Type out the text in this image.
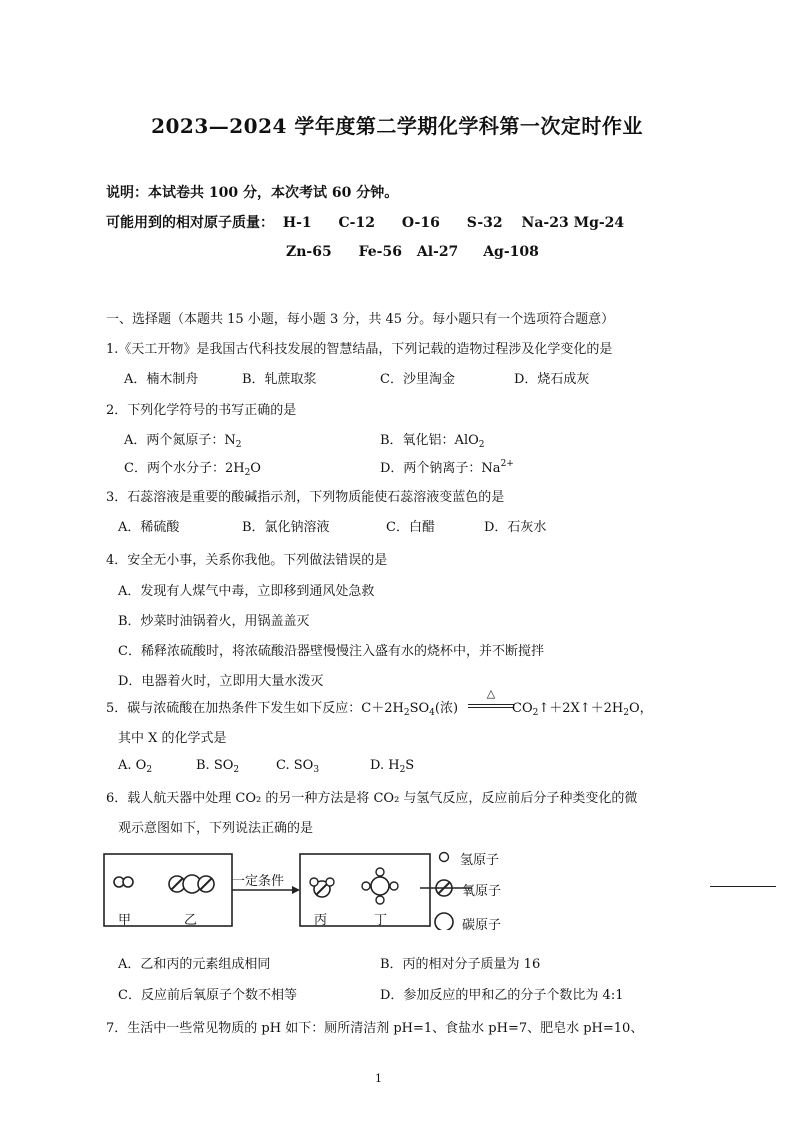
2023—2024 学年度第二学期化学科第一次定时作业
说明：本试卷共 100 分，本次考试 60 分钟。
可能用到的相对原子质量： H-1 C-12 O-16 S-32 Na-23 Mg-24
Zn-65 Fe-56 Al-27 Ag-108
一、选择题（本题共 15 小题，每小题 3 分，共 45 分。每小题只有一个选项符合题意）
1.《天工开物》是我国古代科技发展的智慧结晶，下列记载的造物过程涉及化学变化的是
A．楠木制舟	B．轧蔗取浆	C．沙里淘金	D．烧石成灰
2．下列化学符号的书写正确的是
A．两个氮原子：$N_2$	B．氧化铝：AlO$_2$
C．两个水分子：$2H_2O$	D．两个钠离子：$Na^{2+}$
3．石蕊溶液是重要的酸碱指示剂，下列物质能使石蕊溶液变蓝色的是
A．稀硫酸	B．氯化钠溶液	C．白醋	D．石灰水
4．安全无小事，关系你我他。下列做法错误的是
A．发现有人煤气中毒，立即移到通风处急救
B．炒菜时油锅着火，用锅盖盖灭
C．稀释浓硫酸时，将浓硫酸沿器壁慢慢注入盛有水的烧杯中，并不断搅拌
D．电器着火时，立即用大量水泼灭
5．碳与浓硫酸在加热条件下发生如下反应：$C+2H_2SO_4$(浓)
△
$CO_2↑+2X↑+2H_2O$，
其中 X 的化学式是
A. $O_2$	B. $SO_2$	C. $SO_3$	D. $H_2S$
6．载人航天器中处理 CO₂ 的另一种方法是将 CO₂ 与氢气反应，反应前后分子种类变化的微
观示意图如下，下列说法正确的是
一定条件
甲	乙	丙	丁
氢原子
氧原子
碳原子
A．乙和丙的元素组成相同	B．丙的相对分子质量为 16
C．反应前后氧原子个数不相等	D．参加反应的甲和乙的分子个数比为 4:1
7．生活中一些常见物质的 pH 如下：厕所清洁剂 pH=1、食盐水 pH=7、肥皂水 pH=10、
1
